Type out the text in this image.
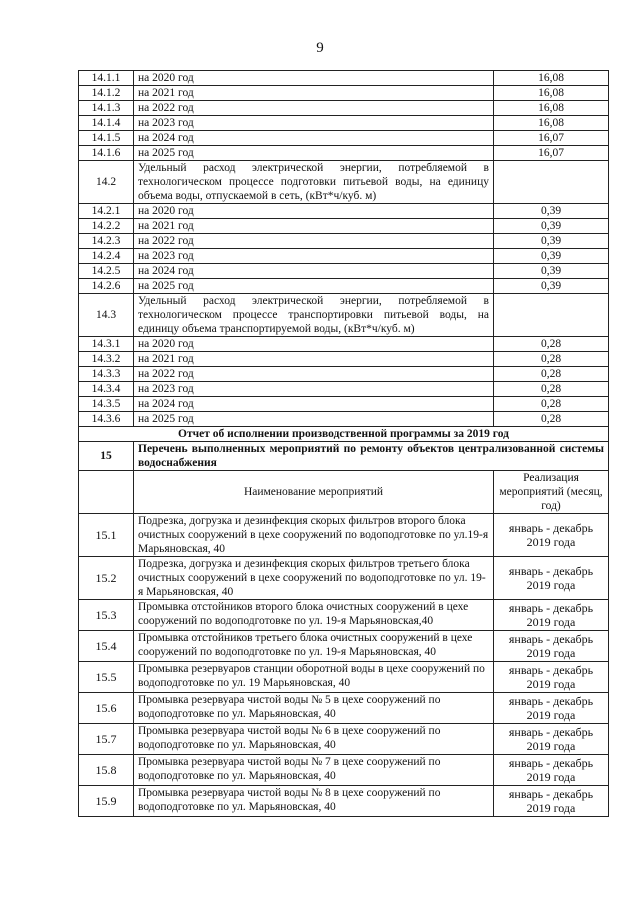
9
14.1.1	на 2020 год	16,08
14.1.2	на 2021 год	16,08
14.1.3	на 2022 год	16,08
14.1.4	на 2023 год	16,08
14.1.5	на 2024 год	16,07
14.1.6	на 2025 год	16,07
14.2	Удельный расход электрической энергии, потребляемой в технологическом процессе подготовки питьевой воды, на единицу объема воды, отпускаемой в сеть, (кВт*ч/куб. м)	
14.2.1	на 2020 год	0,39
14.2.2	на 2021 год	0,39
14.2.3	на 2022 год	0,39
14.2.4	на 2023 год	0,39
14.2.5	на 2024 год	0,39
14.2.6	на 2025 год	0,39
14.3	Удельный расход электрической энергии, потребляемой в технологическом процессе транспортировки питьевой воды, на единицу объема транспортируемой воды, (кВт*ч/куб. м)	
14.3.1	на 2020 год	0,28
14.3.2	на 2021 год	0,28
14.3.3	на 2022 год	0,28
14.3.4	на 2023 год	0,28
14.3.5	на 2024 год	0,28
14.3.6	на 2025 год	0,28
Отчет об исполнении производственной программы за 2019 год		
15	Перечень выполненных мероприятий по ремонту объектов централизованной системы водоснабжения	
	Наименование мероприятий	Реализация мероприятий (месяц, год)
15.1	Подрезка, догрузка и дезинфекция скорых фильтров второго блока очистных сооружений в цехе сооружений по водоподготовке по ул.19-я Марьяновская, 40	январь - декабрь 2019 года
15.2	Подрезка, догрузка и дезинфекция скорых фильтров третьего блока очистных сооружений в цехе сооружений по водоподготовке по ул. 19-я Марьяновская, 40	январь - декабрь 2019 года
15.3	Промывка отстойников второго блока очистных сооружений в цехе сооружений по водоподготовке по ул. 19-я Марьяновская,40	январь - декабрь 2019 года
15.4	Промывка отстойников третьего блока очистных сооружений в цехе сооружений по водоподготовке по ул. 19-я Марьяновская, 40	январь - декабрь 2019 года
15.5	Промывка резервуаров станции оборотной воды в цехе сооружений по водоподготовке по ул. 19 Марьяновская, 40	январь - декабрь 2019 года
15.6	Промывка резервуара чистой воды № 5 в цехе сооружений по водоподготовке по ул. Марьяновская, 40	январь - декабрь 2019 года
15.7	Промывка резервуара чистой воды № 6 в цехе сооружений по водоподготовке по ул. Марьяновская, 40	январь - декабрь 2019 года
15.8	Промывка резервуара чистой воды № 7 в цехе сооружений по водоподготовке по ул. Марьяновская, 40	январь - декабрь 2019 года
15.9	Промывка резервуара чистой воды № 8 в цехе сооружений по водоподготовке по ул. Марьяновская, 40	январь - декабрь 2019 года
